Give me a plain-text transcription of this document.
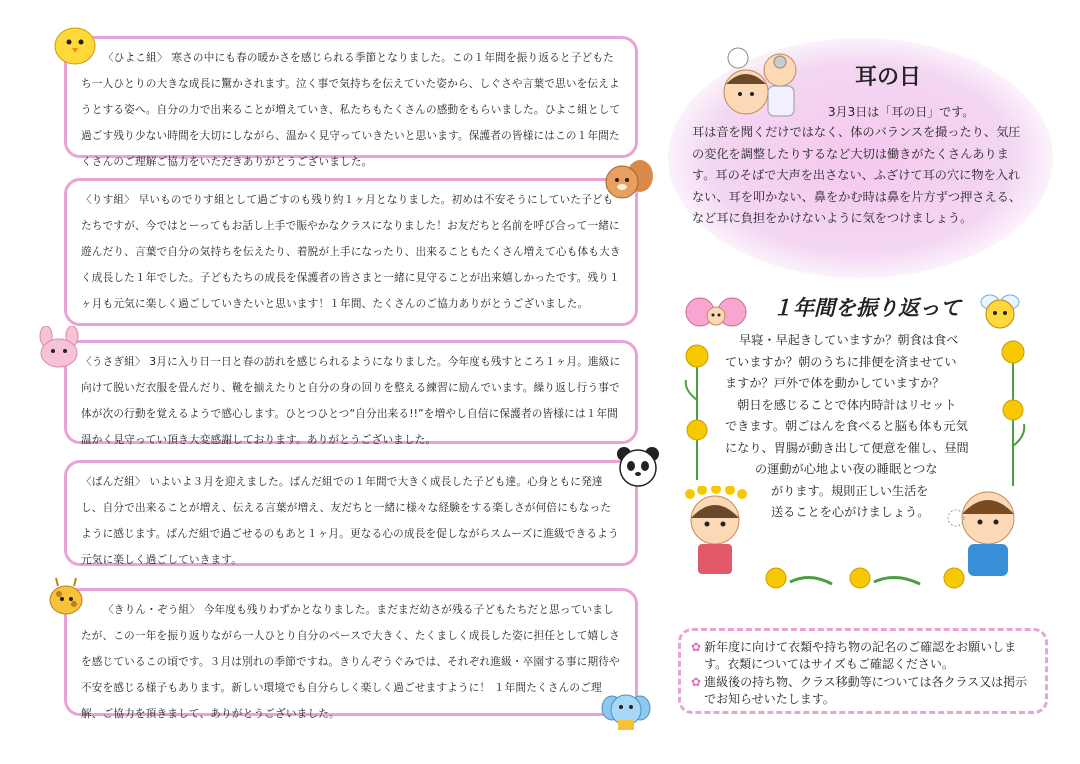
〈ひよこ組〉 寒さの中にも春の暖かさを感じられる季節となりました。この１年間を振り返ると子どもたち一人ひとりの大きな成長に驚かされます。泣く事で気持ちを伝えていた姿から、しぐさや言葉で思いを伝えようとする姿へ。自分の力で出来ることが増えていき、私たちもたくさんの感動をもらいました。ひよこ組として過ごす残り少ない時間を大切にしながら、温かく見守っていきたいと思います。保護者の皆様にはこの１年間たくさんのご理解ご協力をいただきありがとうございました。

〈りす組〉 早いものでりす組として過ごすのも残り約１ヶ月となりました。初めは不安そうにしていた子どもたちですが、今ではとーってもお話し上手で賑やかなクラスになりました！お友だちと名前を呼び合って一緒に遊んだり、言葉で自分の気持ちを伝えたり、着脱が上手になったり、出来ることもたくさん増えて心も体も大きく成長した１年でした。子どもたちの成長を保護者の皆さまと一緒に見守ることが出来嬉しかったです。残り１ヶ月も元気に楽しく過ごしていきたいと思います！１年間、たくさんのご協力ありがとうございました。

〈うさぎ組〉 3月に入り日一日と春の訪れを感じられるようになりました。今年度も残すところ１ヶ月。進級に向けて脱いだ衣服を畳んだり、靴を揃えたりと自分の身の回りを整える練習に励んでいます。繰り返し行う事で体が次の行動を覚えるようで感心します。ひとつひとつ“自分出来る!!”を増やし自信に保護者の皆様には１年間温かく見守ってい頂き大変感謝しております。ありがとうございました。

〈ぱんだ組〉 いよいよ３月を迎えました。ぱんだ組での１年間で大きく成長した子ども達。心身ともに発達し、自分で出来ることが増え、伝える言葉が増え、友だちと一緒に様々な経験をする楽しさが何倍にもなったように感じます。ぱんだ組で過ごせるのもあと１ヶ月。更なる心の成長を促しながらスムーズに進級できるよう元気に楽しく過ごしていきます。

〈きりん・ぞう組〉 今年度も残りわずかとなりました。まだまだ幼さが残る子どもたちだと思っていましたが、この一年を振り返りながら一人ひとり自分のペースで大きく、たくましく成長した姿に担任として嬉しさを感じているこの頃です。３月は別れの季節ですね。きりんぞうぐみでは、それぞれ進級・卒園する事に期待や不安を感じる様子もあります。新しい環境でも自分らしく楽しく過ごせますように！ １年間たくさんのご理解、ご協力を頂きまして、ありがとうございました。

耳の日
3月3日は「耳の日」です。

耳は音を聞くだけではなく、体のバランスを撮ったり、気圧の変化を調整したりするなど大切は働きがたくさんあります。耳のそばで大声を出さない、ふざけて耳の穴に物を入れない、耳を叩かない、鼻をかむ時は鼻を片方ずつ押さえる、など耳に負担をかけないように気をつけましょう。

１年間を振り返って

早寝・早起きしていますか？朝食は食べ
ていますか？朝のうちに排便を済ませてい
ますか？戸外で体を動かしていますか？
　朝日を感じることで体内時計はリセット
できます。朝ごはんを食べると脳も体も元気
になり、胃腸が動き出して便意を催し、昼間
の運動が心地よい夜の睡眠とつな
がります。規則正しい生活を
送ることを心がけましょう。

✿ 新年度に向けて衣類や持ち物の記名のご確認をお願いします。衣類についてはサイズもご確認ください。
✿ 進級後の持ち物、クラス移動等については各クラス又は掲示でお知らせいたします。
